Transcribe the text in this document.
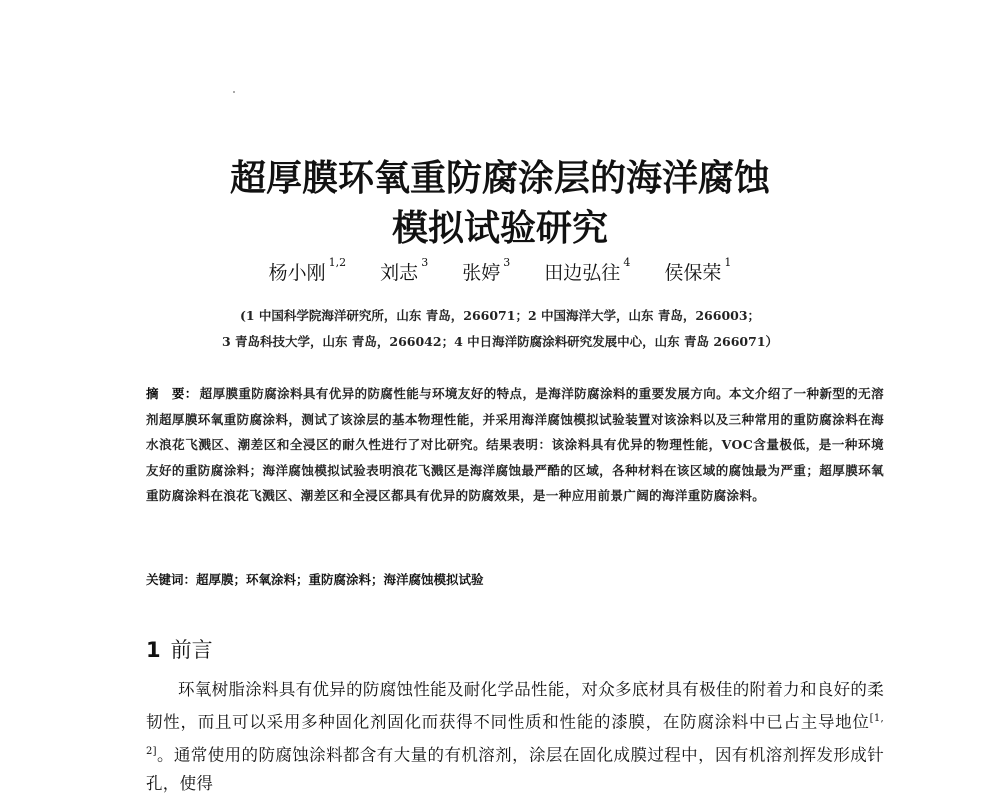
超厚膜环氧重防腐涂层的海洋腐蚀
模拟试验研究
杨小刚 $^{1,2}$ 刘志 $^3$ 张婷 $^3$ 田边弘往 $^4$ 侯保荣 $^1$
(1 中国科学院海洋研究所，山东 青岛，266071；2 中国海洋大学，山东 青岛，266003；
3 青岛科技大学，山东 青岛，266042；4 中日海洋防腐涂料研究发展中心，山东 青岛 266071）
摘　要： 超厚膜重防腐涂料具有优异的防腐性能与环境友好的特点，是海洋防腐涂料的重要发展方向。本文介绍了一种新型的无溶剂超厚膜环氧重防腐涂料，测试了该涂层的基本物理性能，并采用海洋腐蚀模拟试验装置对该涂料以及三种常用的重防腐涂料在海水浪花飞溅区、潮差区和全浸区的耐久性进行了对比研究。结果表明：该涂料具有优异的物理性能，VOC含量极低，是一种环境友好的重防腐涂料；海洋腐蚀模拟试验表明浪花飞溅区是海洋腐蚀最严酷的区域，各种材料在该区域的腐蚀最为严重；超厚膜环氧重防腐涂料在浪花飞溅区、潮差区和全浸区都具有优异的防腐效果，是一种应用前景广阔的海洋重防腐涂料。
关键词：超厚膜；环氧涂料；重防腐涂料；海洋腐蚀模拟试验
1 前言
环氧树脂涂料具有优异的防腐蚀性能及耐化学品性能，对众多底材具有极佳的附着力和良好的柔韧性，而且可以采用多种固化剂固化而获得不同性质和性能的漆膜，在防腐涂料中已占主导地位[1, 2]。通常使用的防腐蚀涂料都含有大量的有机溶剂，涂层在固化成膜过程中，因有机溶剂挥发形成针孔，使得
